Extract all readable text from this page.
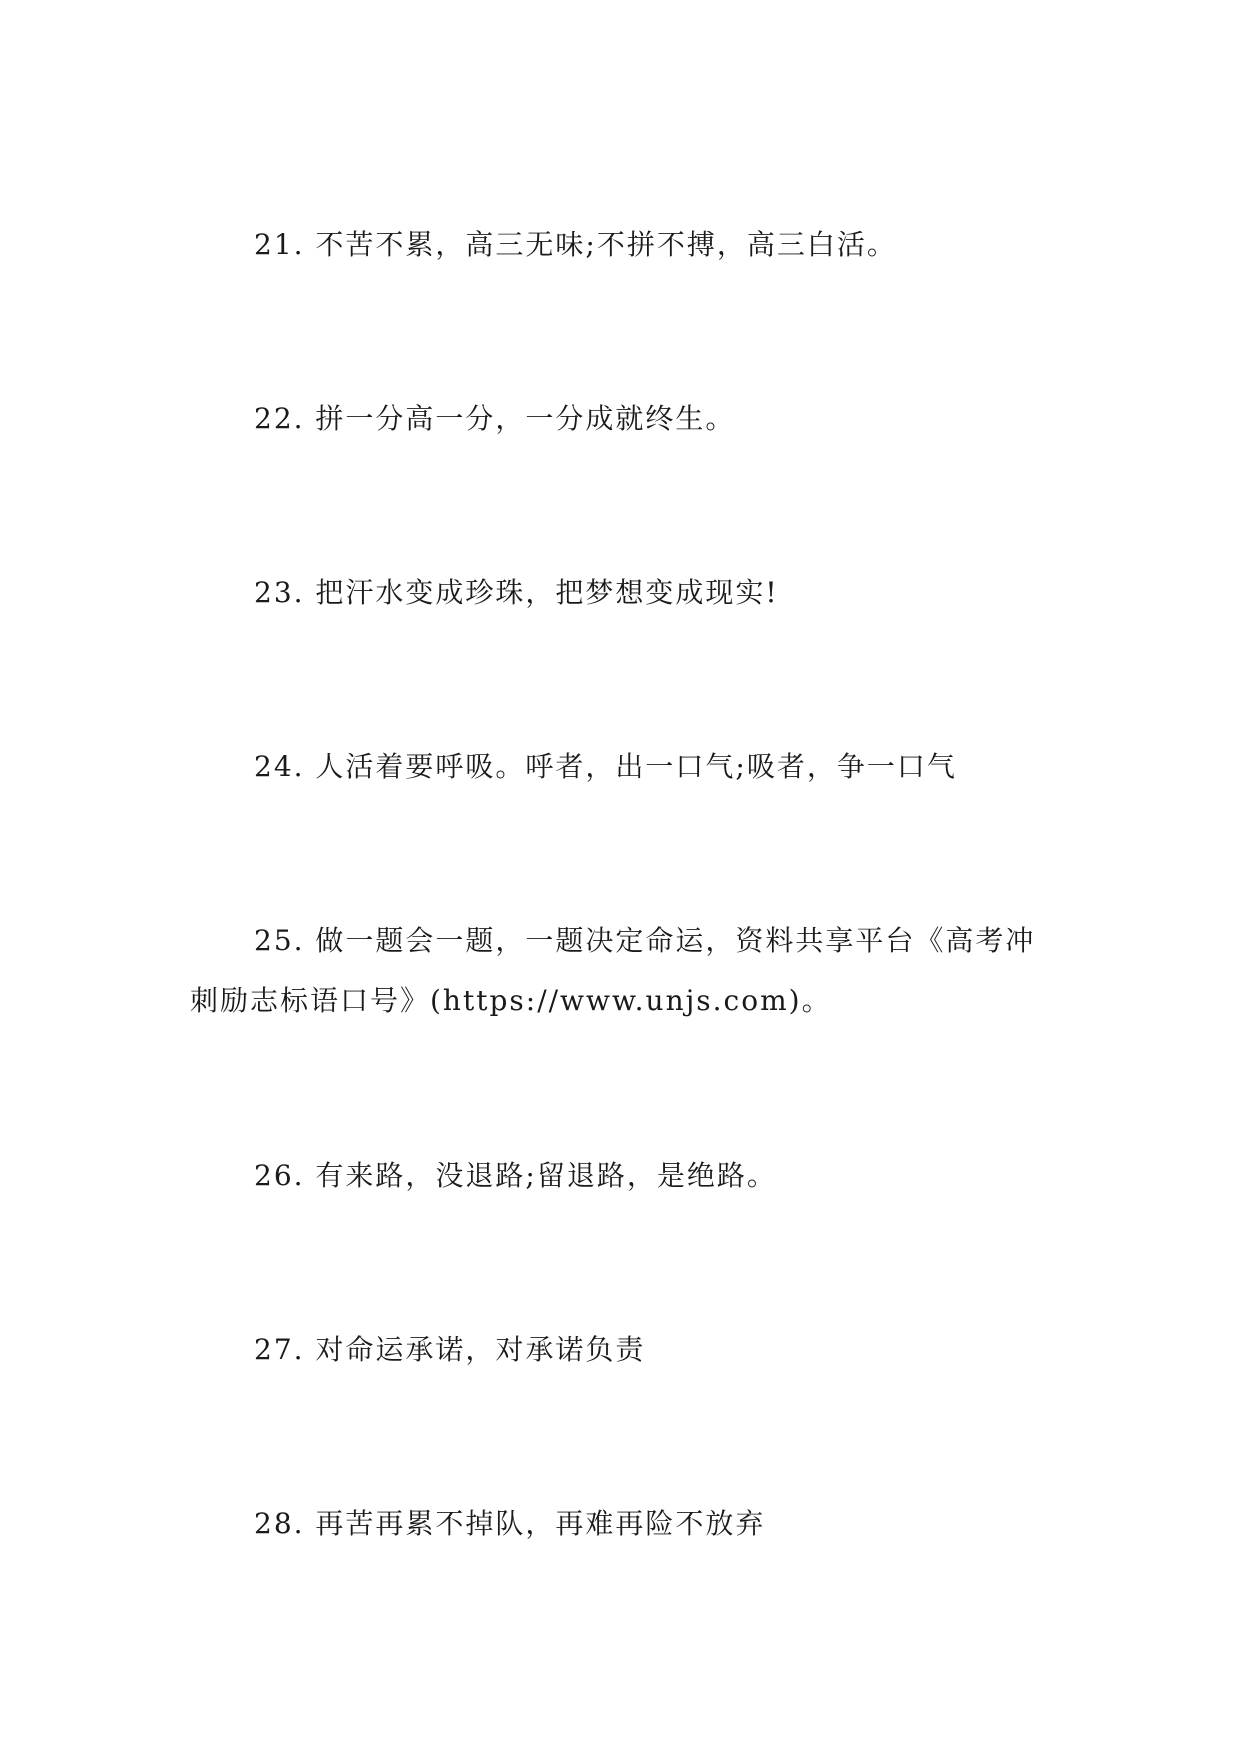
21. 不苦不累，高三无味;不拼不搏，高三白活。

22. 拼一分高一分，一分成就终生。

23. 把汗水变成珍珠，把梦想变成现实!

24. 人活着要呼吸。呼者，出一口气;吸者，争一口气

25. 做一题会一题，一题决定命运，资料共享平台《高考冲刺励志标语口号》(https://www.unjs.com)。

26. 有来路，没退路;留退路，是绝路。

27. 对命运承诺，对承诺负责

28. 再苦再累不掉队，再难再险不放弃
